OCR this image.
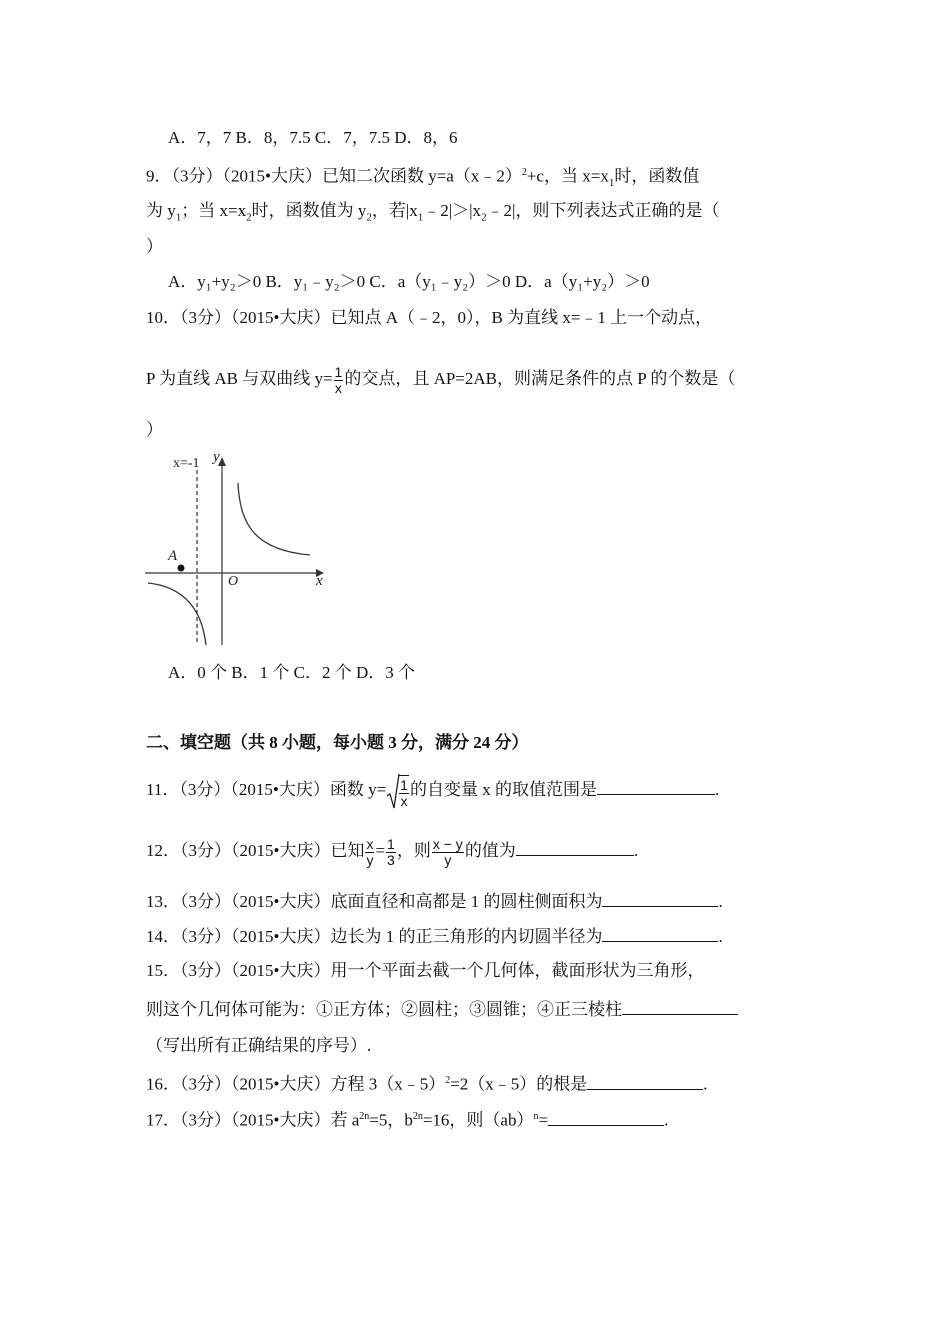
A．7，7 B．8，7.5 C．7，7.5 D．8，6
9．（3分）（2015•大庆）已知二次函数 y=a（x﹣2）$^2$+c，当 $x=x_1$时，函数值
为 $y_1$；当 $x=x_2$时，函数值为 $y_2$，若$|x_1﹣2|>|x_2﹣2|$，则下列表达式正确的是（
）
A．y₁+y₂＞0 B．y₁﹣y₂＞0 C．a（y₁﹣y₂）＞0 D．a（y₁+y₂）＞0
10．（3分）（2015•大庆）已知点 A（﹣2，0），B 为直线 x=﹣1 上一个动点，
P 为直线 AB 与双曲线 $y= \frac{1}{x}$ 的交点，且 AP=2AB，则满足条件的点 P 的个数是（
）
A
O	x
y
x=-1
A．0 个 B．1 个 C．2 个 D．3 个
二、填空题（共 8 小题，每小题 3 分，满分 24 分）
11．（3分）（2015•大庆）函数 $y= \frac{1}{x}$ 的自变量 x 的取值范围是	.
12．（3分）（2015•大庆）已知 $\frac{x}{y} = \frac{1}{3}$ ，则 $\frac{x - y}{y}$ 的值为	.
13．（3分）（2015•大庆）底面直径和高都是 1 的圆柱侧面积为	.
14．（3分）（2015•大庆）边长为 1 的正三角形的内切圆半径为	.
15．（3分）（2015•大庆）用一个平面去截一个几何体，截面形状为三角形，
则这个几何体可能为：①正方体；②圆柱；③圆锥；④正三棱柱
（写出所有正确结果的序号）.
16．（3分）（2015•大庆）方程 3（x﹣5）$^2$=2（x﹣5）的根是	.
17．（3分）（2015•大庆）若 $a^{2n}=5$，$b^{2n}=16$，则（ab）$^n$=	.
